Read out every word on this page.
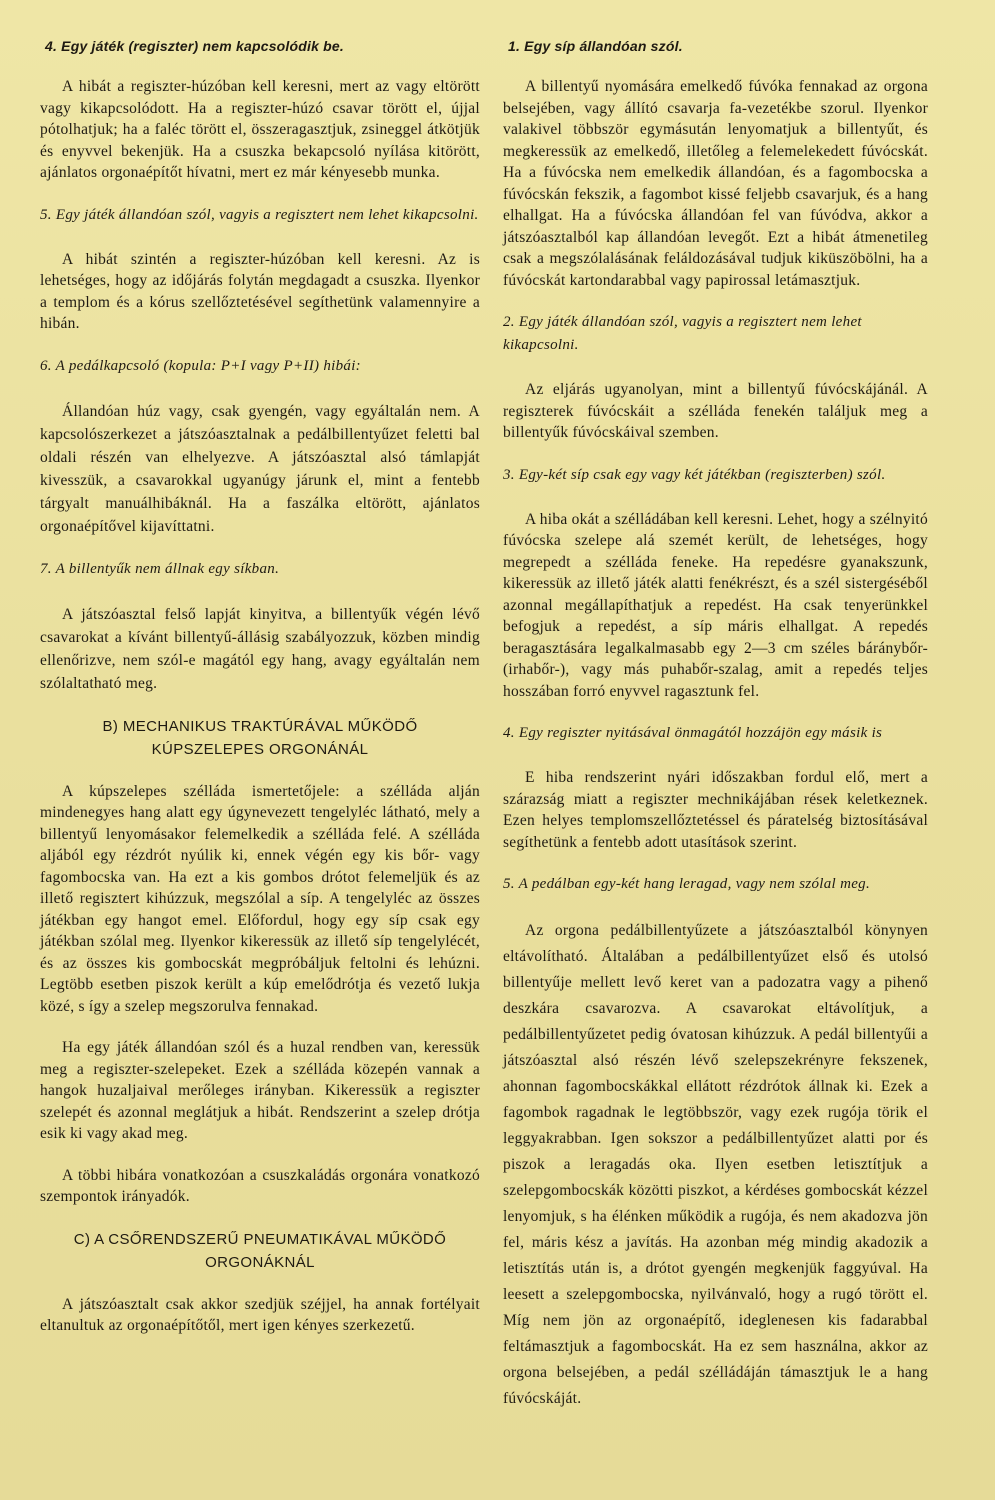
4. Egy játék (regiszter) nem kapcsolódik be.

A hibát a regiszter-húzóban kell keresni, mert az vagy eltörött vagy kikapcsolódott. Ha a regiszter-húzó csavar törött el, újjal pótolhatjuk; ha a faléc törött el, összeragasztjuk, zsineggel átkötjük és enyvvel bekenjük. Ha a csuszka bekapcsoló nyílása kitörött, ajánlatos orgonaépítőt hívatni, mert ez már kényesebb munka.

5. Egy játék állandóan szól, vagyis a regisztert nem lehet kikapcsolni.

A hibát szintén a regiszter-húzóban kell keresni. Az is lehetséges, hogy az időjárás folytán megdagadt a csuszka. Ilyenkor a templom és a kórus szellőztetésével segíthetünk valamennyire a hibán.

6. A pedálkapcsoló (kopula: P+I vagy P+II) hibái:

Állandóan húz vagy, csak gyengén, vagy egyáltalán nem. A kapcsolószerkezet a játszóasztalnak a pedálbillentyűzet feletti bal oldali részén van elhelyezve. A játszóasztal alsó támlapját kivesszük, a csavarokkal ugyanúgy járunk el, mint a fentebb tárgyalt manuálhibáknál. Ha a faszálka eltörött, ajánlatos orgonaépítővel kijavíttatni.

7. A billentyűk nem állnak egy síkban.

A játszóasztal felső lapját kinyitva, a billentyűk végén lévő csavarokat a kívánt billentyű-állásig szabályozzuk, közben mindig ellenőrizve, nem szól-e magától egy hang, avagy egyáltalán nem szólaltatható meg.

B) MECHANIKUS TRAKTÚRÁVAL MŰKÖDŐ
KÚPSZELEPES ORGONÁNÁL

A kúpszelepes szélláda ismertetőjele: a szélláda alján mindenegyes hang alatt egy úgynevezett tengelyléc látható, mely a billentyű lenyomásakor felemelkedik a szélláda felé. A szélláda aljából egy rézdrót nyúlik ki, ennek végén egy kis bőr- vagy fagombocska van. Ha ezt a kis gombos drótot felemeljük és az illető regisztert kihúzzuk, megszólal a síp. A tengelyléc az összes játékban egy hangot emel. Előfordul, hogy egy síp csak egy játékban szólal meg. Ilyenkor kikeressük az illető síp tengelylécét, és az összes kis gombocskát megpróbáljuk feltolni és lehúzni. Legtöbb esetben piszok került a kúp emelődrótja és vezető lukja közé, s így a szelep megszorulva fennakad.

Ha egy játék állandóan szól és a huzal rendben van, keressük meg a regiszter-szelepeket. Ezek a szélláda közepén vannak a hangok huzaljaival merőleges irányban. Kikeressük a regiszter szelepét és azonnal meglátjuk a hibát. Rendszerint a szelep drótja esik ki vagy akad meg.

A többi hibára vonatkozóan a csuszkaládás orgonára vonatkozó szempontok irányadók.

C) A CSŐRENDSZERŰ PNEUMATIKÁVAL MŰKÖDŐ
ORGONÁKNÁL

A játszóasztalt csak akkor szedjük széjjel, ha annak fortélyait eltanultuk az orgonaépítőtől, mert igen kényes szerkezetű.

1. Egy síp állandóan szól.

A billentyű nyomására emelkedő fúvóka fennakad az orgona belsejében, vagy állító csavarja fa-vezetékbe szorul. Ilyenkor valakivel többször egymásután lenyomatjuk a billentyűt, és megkeressük az emelkedő, illetőleg a felemelekedett fúvócskát. Ha a fúvócska nem emelkedik állandóan, és a fagombocska a fúvócskán fekszik, a fagombot kissé feljebb csavarjuk, és a hang elhallgat. Ha a fúvócska állandóan fel van fúvódva, akkor a játszóasztalból kap állandóan levegőt. Ezt a hibát átmenetileg csak a megszólalásának feláldozásával tudjuk kiküszöbölni, ha a fúvócskát kartondarabbal vagy papirossal letámasztjuk.

2. Egy játék állandóan szól, vagyis a regisztert nem lehet kikapcsolni.

Az eljárás ugyanolyan, mint a billentyű fúvócskájánál. A regiszterek fúvócskáit a szélláda fenekén találjuk meg a billentyűk fúvócskáival szemben.

3. Egy-két síp csak egy vagy két játékban (regiszterben) szól.

A hiba okát a szélládában kell keresni. Lehet, hogy a szélnyitó fúvócska szelepe alá szemét került, de lehetséges, hogy megrepedt a szélláda feneke. Ha repedésre gyanakszunk, kikeressük az illető játék alatti fenékrészt, és a szél sistergéséből azonnal megállapíthatjuk a repedést. Ha csak tenyerünkkel befogjuk a repedést, a síp máris elhallgat. A repedés beragasztására legalkalmasabb egy 2—3 cm széles báránybőr- (irhabőr-), vagy más puhabőr-szalag, amit a repedés teljes hosszában forró enyvvel ragasztunk fel.

4. Egy regiszter nyitásával önmagától hozzájön egy másik is

E hiba rendszerint nyári időszakban fordul elő, mert a szárazság miatt a regiszter mechnikájában rések keletkeznek. Ezen helyes templomszellőztetéssel és páratelség biztosításával segíthetünk a fentebb adott utasítások szerint.

5. A pedálban egy-két hang leragad, vagy nem szólal meg.

Az orgona pedálbillentyűzete a játszóasztalból könynyen eltávolítható. Általában a pedálbillentyűzet első és utolsó billentyűje mellett levő keret van a padozatra vagy a pihenő deszkára csavarozva. A csavarokat eltávolítjuk, a pedálbillentyűzetet pedig óvatosan kihúzzuk. A pedál billentyűi a játszóasztal alsó részén lévő szelepszekrényre fekszenek, ahonnan fagombocskákkal ellátott rézdrótok állnak ki. Ezek a fagombok ragadnak le legtöbbször, vagy ezek rugója törik el leggyakrabban. Igen sokszor a pedálbillentyűzet alatti por és piszok a leragadás oka. Ilyen esetben letisztítjuk a szelepgombocskák közötti piszkot, a kérdéses gombocskát kézzel lenyomjuk, s ha élénken működik a rugója, és nem akadozva jön fel, máris kész a javítás. Ha azonban még mindig akadozik a letisztítás után is, a drótot gyengén megkenjük faggyúval. Ha leesett a szelepgombocska, nyilvánvaló, hogy a rugó törött el. Míg nem jön az orgonaépítő, ideglenesen kis fadarabbal feltámasztjuk a fagombocskát. Ha ez sem használna, akkor az orgona belsejében, a pedál szélládáján támasztjuk le a hang fúvócskáját.
